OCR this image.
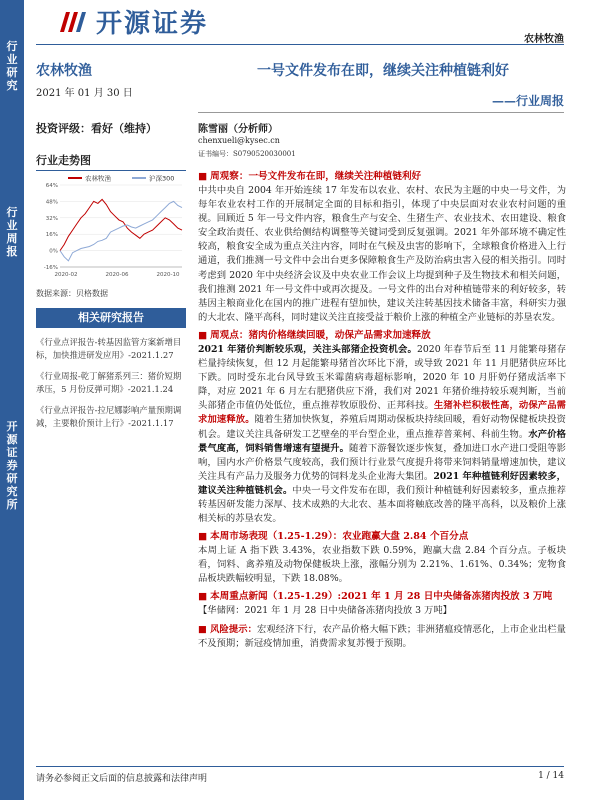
行
业
研
究
行
业
周
报
开
源
证
券
研
究
所
开源证券
农林牧渔
农林牧渔
2021 年 01 月 30 日
投资评级：看好（维持）
行业走势图
农林牧渔	沪深300
-16%
0%
16%
32%
48%
64%
2020-02	2020-06	2020-10
数据来源：贝格数据
相关研究报告
《行业点评报告-转基因监管方案新增目标，加快推进研发应用》-2021.1.27
《行业周报-乾丁解猪系列三：猪价短期承压，5 月份反弹可期》-2021.1.24
《行业点评报告-拉尼娜影响产量预期调减，主要粮价预计上行》-2021.1.17
一号文件发布在即，继续关注种植链利好
——行业周报
陈雪丽（分析师）
chenxueli@kysec.cn
证书编号：S0790520030001
■ 周观察：一号文件发布在即，继续关注种植链利好

中共中央自 2004 年开始连续 17 年发布以农业、农村、农民为主题的中央一号文件，为每年农业农村工作的开展制定全面的目标和指引，体现了中央层面对农业农村问题的重视。回顾近 5 年一号文件内容，粮食生产与安全、生猪生产、农业技术、农田建设、粮食安全政治责任、农业供给侧结构调整等关键词受到反复强调。2021 年外部环境不确定性较高，粮食安全成为重点关注内容，同时在气候及虫害的影响下，全球粮食价格进入上行通道，我们推测一号文件中会出台更多保障粮食生产及防治病虫害入侵的相关指引。同时考虑到 2020 年中央经济会议及中央农业工作会议上均提到种子及生物技术和相关问题，我们推测 2021 年一号文件中或再次提及。一号文件的出台对种植链带来的利好较多，转基因主粮商业化在国内的推广进程有望加快，建议关注转基因技术储备丰富，科研实力强的大北农、隆平高科，同时建议关注直接受益于粮价上涨的种植全产业链标的苏垦农发。

■ 周观点：猪肉价格继续回暖，动保产品需求加速释放

2021 年猪价判断较乐观，关注头部猪企投资机会。2020 年春节后至 11 月能繁母猪存栏量持续恢复，但 12 月起能繁母猪首次环比下滑，或导致 2021 年 11 月肥猪供应环比下跌。同时受东北台风导致玉米霉菌病毒超标影响，2020 年 10 月肝奶仔猪成活率下降，对应 2021 年 6 月左右肥猪供应下滑，我们对 2021 年猪价维持较乐观判断，当前头部猪企市值仍处低位，重点推荐牧原股份、正邦科技。生猪补栏积极性高，动保产品需求加速释放。随着生猪加快恢复，养殖后周期动保板块持续回暖，看好动物保健板块投资机会。建议关注具备研发工艺壁垒的平台型企业，重点推荐普莱柯、科前生物。水产价格景气度高，饲料销售增速有望提升。随着下游餐饮逐步恢复，叠加进口水产进口受阻等影响，国内水产价格景气度较高，我们预计行业景气度提升将带来饲料销量增速加快，建议关注具有产品力及服务力优势的饲料龙头企业海大集团。2021 年种植链利好因素较多，建议关注种植链机会。中央一号文件发布在即，我们预计种植链利好因素较多，重点推荐转基因研发能力深厚、技术成熟的大北农、基本面将触底改善的隆平高科，以及粮价上涨相关标的苏垦农发。

■ 本周市场表现（1.25-1.29）：农业跑赢大盘 2.84 个百分点

本周上证 A 指下跌 3.43%，农业指数下跌 0.59%，跑赢大盘 2.84 个百分点。子板块看，饲料、禽养殖及动物保健板块上涨，涨幅分别为 2.21%、1.61%、0.34%；宠物食品板块跌幅较明显，下跌 18.08%。

■ 本周重点新闻（1.25-1.29）:2021 年 1 月 28 日中央储备冻猪肉投放 3 万吨

【华储网：2021 年 1 月 28 日中央储备冻猪肉投放 3 万吨】

■ 风险提示：宏观经济下行，农产品价格大幅下跌；非洲猪瘟疫情恶化，上市企业出栏量不及预期；新冠疫情加重，消费需求复苏慢于预期。

请务必参阅正文后面的信息披露和法律声明	1 / 14
